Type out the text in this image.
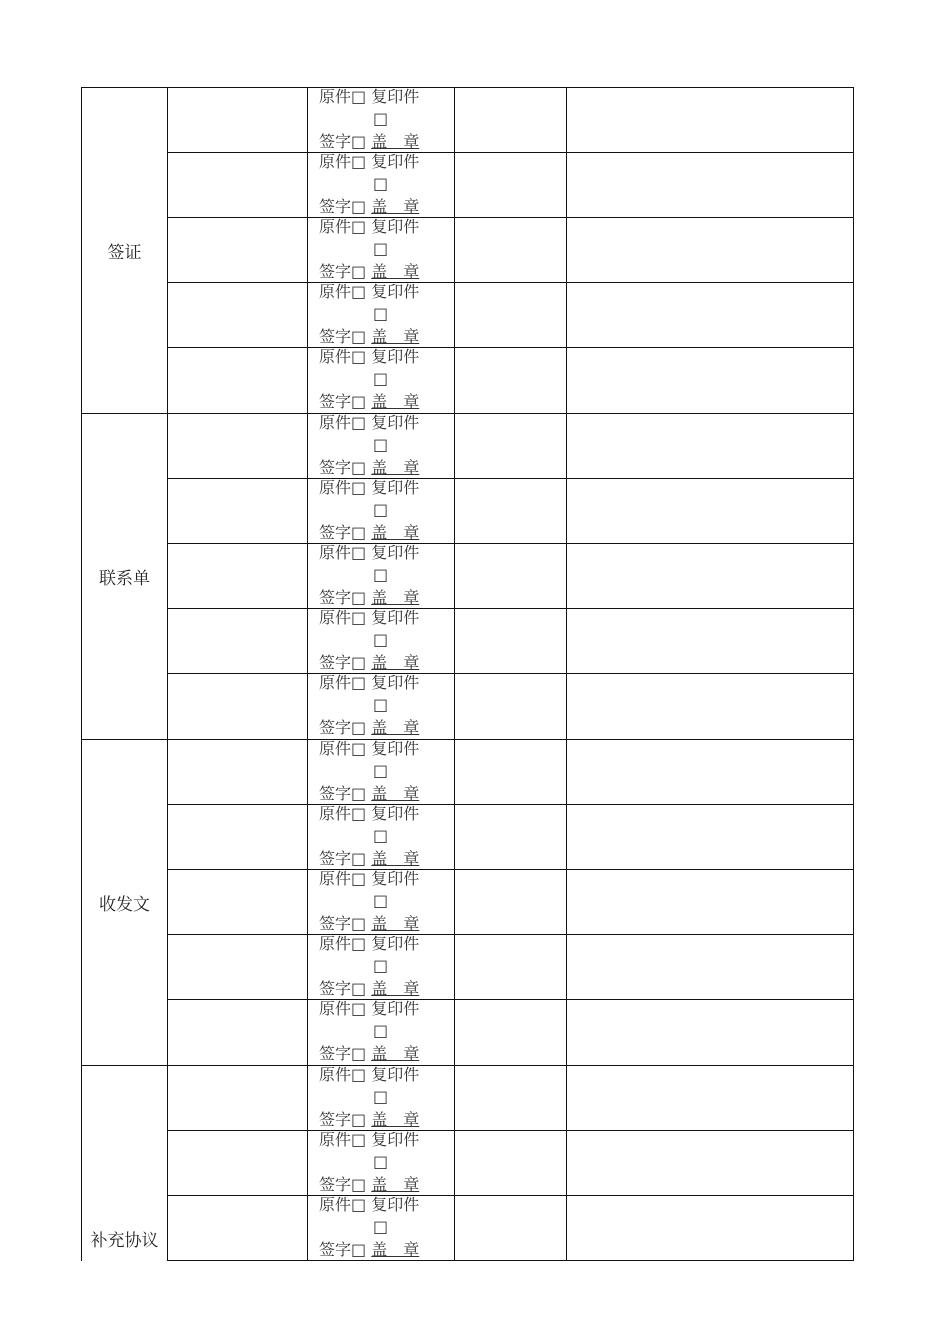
签证
原件□ 复印件
□
签字□ 盖　章
原件□ 复印件
□
签字□ 盖　章
原件□ 复印件
□
签字□ 盖　章
原件□ 复印件
□
签字□ 盖　章
原件□ 复印件
□
签字□ 盖　章
联系单
原件□ 复印件
□
签字□ 盖　章
原件□ 复印件
□
签字□ 盖　章
原件□ 复印件
□
签字□ 盖　章
原件□ 复印件
□
签字□ 盖　章
原件□ 复印件
□
签字□ 盖　章
收发文
原件□ 复印件
□
签字□ 盖　章
原件□ 复印件
□
签字□ 盖　章
原件□ 复印件
□
签字□ 盖　章
原件□ 复印件
□
签字□ 盖　章
原件□ 复印件
□
签字□ 盖　章
补充协议
原件□ 复印件
□
签字□ 盖　章
原件□ 复印件
□
签字□ 盖　章
原件□ 复印件
□
签字□ 盖　章
